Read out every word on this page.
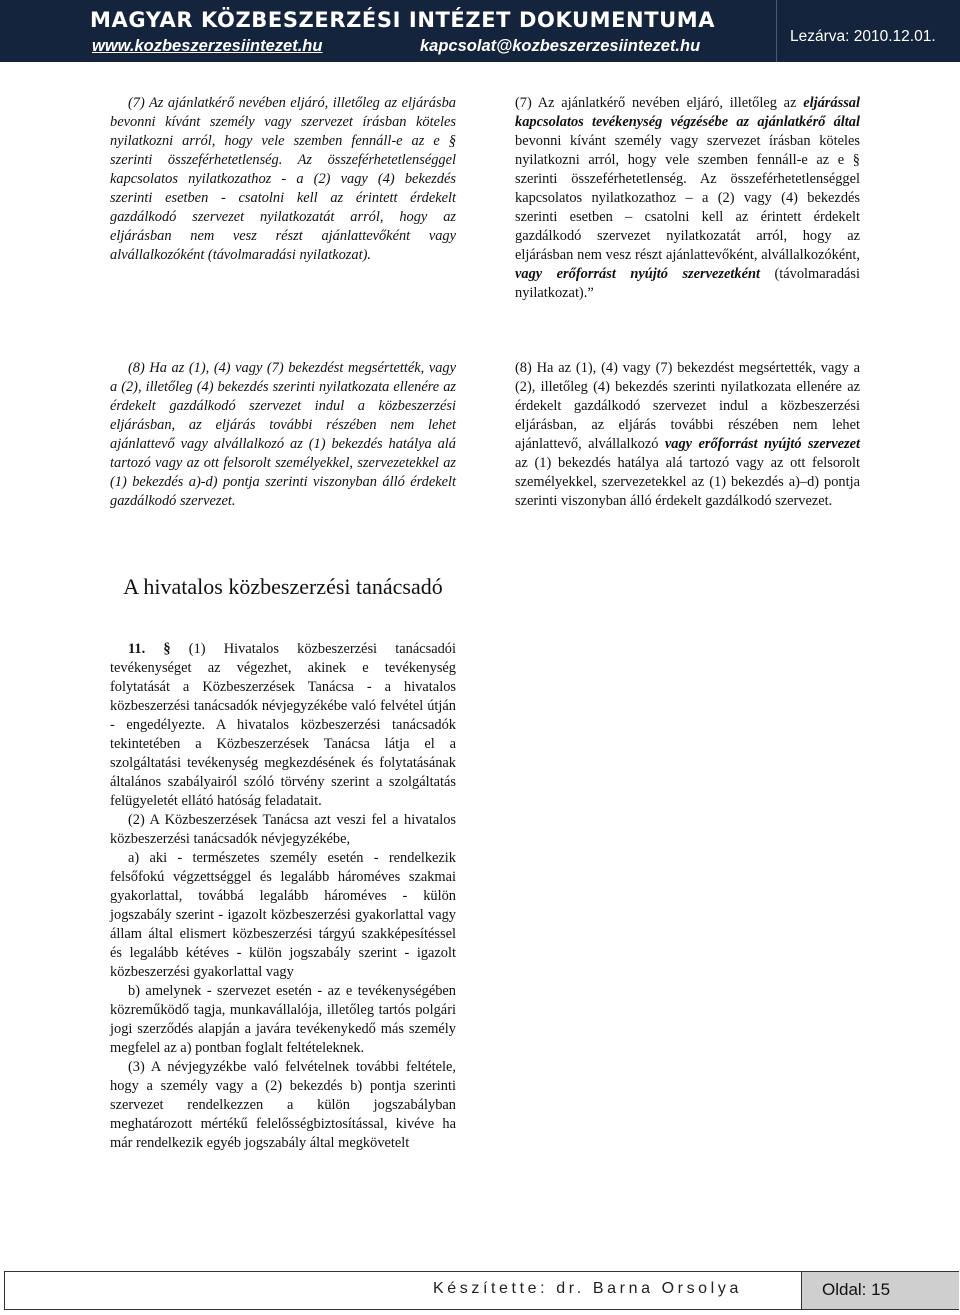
MAGYAR KÖZBESZERZÉSI INTÉZET DOKUMENTUMA
www.kozbeszerzesiintezet.hu	kapcsolat@kozbeszerzesiintezet.hu
Lezárva: 2010.12.01.

(7) Az ajánlatkérő nevében eljáró, illetőleg az eljárásba bevonni kívánt személy vagy szervezet írásban köteles nyilatkozni arról, hogy vele szemben fennáll-e az e § szerinti összeférhetetlenség. Az összeférhetetlenséggel kapcsolatos nyilatkozathoz - a (2) vagy (4) bekezdés szerinti esetben - csatolni kell az érintett érdekelt gazdálkodó szervezet nyilatkozatát arról, hogy az eljárásban nem vesz részt ajánlattevőként vagy alvállalkozóként (távolmaradási nyilatkozat).

(7) Az ajánlatkérő nevében eljáró, illetőleg az eljárással kapcsolatos tevékenység végzésébe az ajánlatkérő által bevonni kívánt személy vagy szervezet írásban köteles nyilatkozni arról, hogy vele szemben fennáll-e az e § szerinti összeférhetetlenség. Az összeférhetetlenséggel kapcsolatos nyilatkozathoz – a (2) vagy (4) bekezdés szerinti esetben – csatolni kell az érintett érdekelt gazdálkodó szervezet nyilatkozatát arról, hogy az eljárásban nem vesz részt ajánlattevőként, alvállalkozóként, vagy erőforrást nyújtó szervezetként (távolmaradási nyilatkozat).”

(8) Ha az (1), (4) vagy (7) bekezdést megsértették, vagy a (2), illetőleg (4) bekezdés szerinti nyilatkozata ellenére az érdekelt gazdálkodó szervezet indul a közbeszerzési eljárásban, az eljárás további részében nem lehet ajánlattevő vagy alvállalkozó az (1) bekezdés hatálya alá tartozó vagy az ott felsorolt személyekkel, szervezetekkel az (1) bekezdés a)-d) pontja szerinti viszonyban álló érdekelt gazdálkodó szervezet.

(8) Ha az (1), (4) vagy (7) bekezdést megsértették, vagy a (2), illetőleg (4) bekezdés szerinti nyilatkozata ellenére az érdekelt gazdálkodó szervezet indul a közbeszerzési eljárásban, az eljárás további részében nem lehet ajánlattevő, alvállalkozó vagy erőforrást nyújtó szervezet az (1) bekezdés hatálya alá tartozó vagy az ott felsorolt személyekkel, szervezetekkel az (1) bekezdés a)–d) pontja szerinti viszonyban álló érdekelt gazdálkodó szervezet.

A hivatalos közbeszerzési tanácsadó

11. § (1) Hivatalos közbeszerzési tanácsadói tevékenységet az végezhet, akinek e tevékenység folytatását a Közbeszerzések Tanácsa - a hivatalos közbeszerzési tanácsadók névjegyzékébe való felvétel útján - engedélyezte. A hivatalos közbeszerzési tanácsadók tekintetében a Közbeszerzések Tanácsa látja el a szolgáltatási tevékenység megkezdésének és folytatásának általános szabályairól szóló törvény szerint a szolgáltatás felügyeletét ellátó hatóság feladatait.

(2) A Közbeszerzések Tanácsa azt veszi fel a hivatalos közbeszerzési tanácsadók névjegyzékébe,

a) aki - természetes személy esetén - rendelkezik felsőfokú végzettséggel és legalább hároméves szakmai gyakorlattal, továbbá legalább hároméves - külön jogszabály szerint - igazolt közbeszerzési gyakorlattal vagy állam által elismert közbeszerzési tárgyú szakképesítéssel és legalább kétéves - külön jogszabály szerint - igazolt közbeszerzési gyakorlattal vagy

b) amelynek - szervezet esetén - az e tevékenységében közreműködő tagja, munkavállalója, illetőleg tartós polgári jogi szerződés alapján a javára tevékenykedő más személy megfelel az a) pontban foglalt feltételeknek.

(3) A névjegyzékbe való felvételnek további feltétele, hogy a személy vagy a (2) bekezdés b) pontja szerinti szervezet rendelkezzen a külön jogszabályban meghatározott mértékű felelősségbiztosítással, kivéve ha már rendelkezik egyéb jogszabály által megkövetelt

Készítette: dr. Barna Orsolya	Oldal: 15
